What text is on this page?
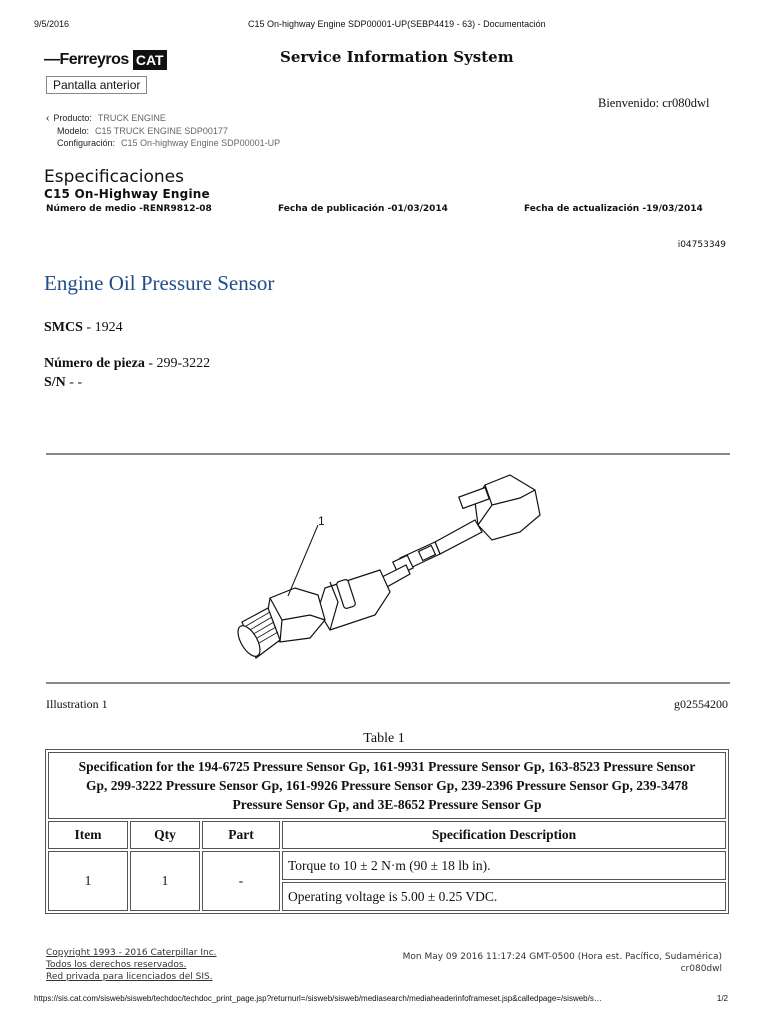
9/5/2016	C15 On-highway Engine SDP00001-UP(SEBP4419 - 63) - Documentación
—Ferreyros CAT
Pantalla anterior
Service Information System
Bienvenido: cr080dwl
‹ Producto: TRUCK ENGINE
Modelo: C15 TRUCK ENGINE SDP00177
Configuración: C15 On-highway Engine SDP00001-UP
Especificaciones
C15 On-Highway Engine
Número de medio -RENR9812-08	Fecha de publicación -01/03/2014	Fecha de actualización -19/03/2014
i04753349
Engine Oil Pressure Sensor
SMCS - 1924
Número de pieza - 299-3222
S/N - -
1
Illustration 1	g02554200
Table 1
Specification for the 194-6725 Pressure Sensor Gp, 161-9931 Pressure Sensor Gp, 163-8523 Pressure Sensor Gp, 299-3222 Pressure Sensor Gp, 161-9926 Pressure Sensor Gp, 239-2396 Pressure Sensor Gp, 239-3478 Pressure Sensor Gp, and 3E-8652 Pressure Sensor Gp			
Item	Qty	Part	Specification Description
1	1	-	Torque to 10 ± 2 N·m (90 ± 18 lb in).
			Operating voltage is 5.00 ± 0.25 VDC.
Copyright 1993 - 2016 Caterpillar Inc.
Todos los derechos reservados.
Red privada para licenciados del SIS.
Mon May 09 2016 11:17:24 GMT-0500 (Hora est. Pacífico, Sudamérica)
cr080dwl
https://sis.cat.com/sisweb/sisweb/techdoc/techdoc_print_page.jsp?returnurl=/sisweb/sisweb/mediasearch/mediaheaderinfoframeset.jsp&calledpage=/sisweb/s…	1/2
